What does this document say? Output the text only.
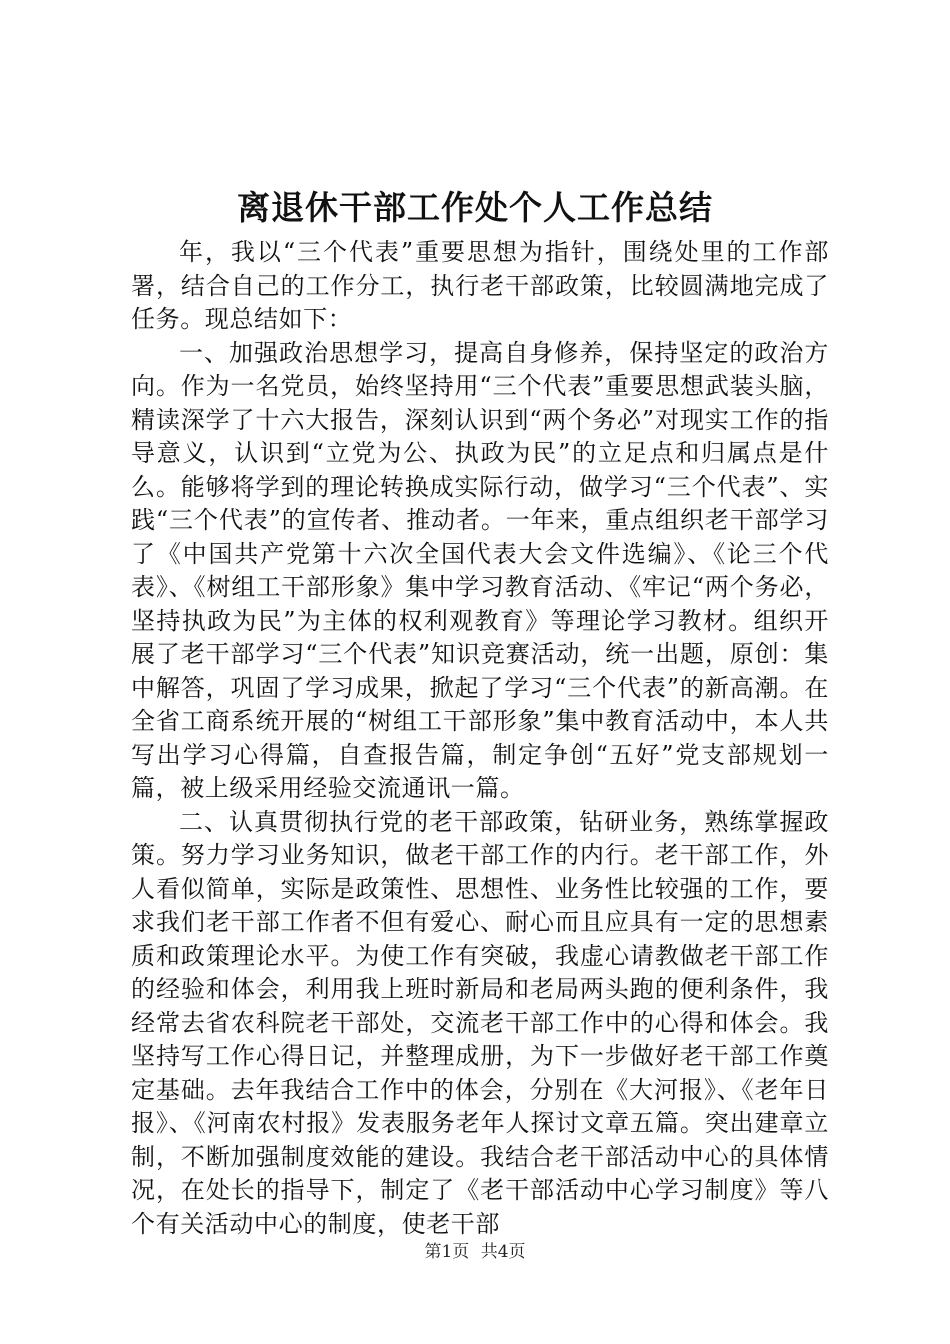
离退休干部工作处个人工作总结

年，我以“三个代表”重要思想为指针，围绕处里的工作部署，结合自己的工作分工，执行老干部政策，比较圆满地完成了任务。现总结如下：

一、加强政治思想学习，提高自身修养，保持坚定的政治方向。作为一名党员，始终坚持用“三个代表”重要思想武装头脑，精读深学了十六大报告，深刻认识到“两个务必”对现实工作的指导意义，认识到“立党为公、执政为民”的立足点和归属点是什么。能够将学到的理论转换成实际行动，做学习“三个代表”、实践“三个代表”的宣传者、推动者。一年来，重点组织老干部学习了《中国共产党第十六次全国代表大会文件选编》、《论三个代表》、《树组工干部形象》集中学习教育活动、《牢记“两个务必，坚持执政为民”为主体的权利观教育》等理论学习教材。组织开展了老干部学习“三个代表”知识竞赛活动，统一出题，原创：集中解答，巩固了学习成果，掀起了学习“三个代表”的新高潮。在全省工商系统开展的“树组工干部形象”集中教育活动中，本人共写出学习心得篇，自查报告篇，制定争创“五好”党支部规划一篇，被上级采用经验交流通讯一篇。

二、认真贯彻执行党的老干部政策，钻研业务，熟练掌握政策。努力学习业务知识，做老干部工作的内行。老干部工作，外人看似简单，实际是政策性、思想性、业务性比较强的工作，要求我们老干部工作者不但有爱心、耐心而且应具有一定的思想素质和政策理论水平。为使工作有突破，我虚心请教做老干部工作的经验和体会，利用我上班时新局和老局两头跑的便利条件，我经常去省农科院老干部处，交流老干部工作中的心得和体会。我坚持写工作心得日记，并整理成册，为下一步做好老干部工作奠定基础。去年我结合工作中的体会，分别在《大河报》、《老年日报》、《河南农村报》发表服务老年人探讨文章五篇。突出建章立制，不断加强制度效能的建设。我结合老干部活动中心的具体情况，在处长的指导下，制定了《老干部活动中心学习制度》等八个有关活动中心的制度，使老干部

第1页 共4页
